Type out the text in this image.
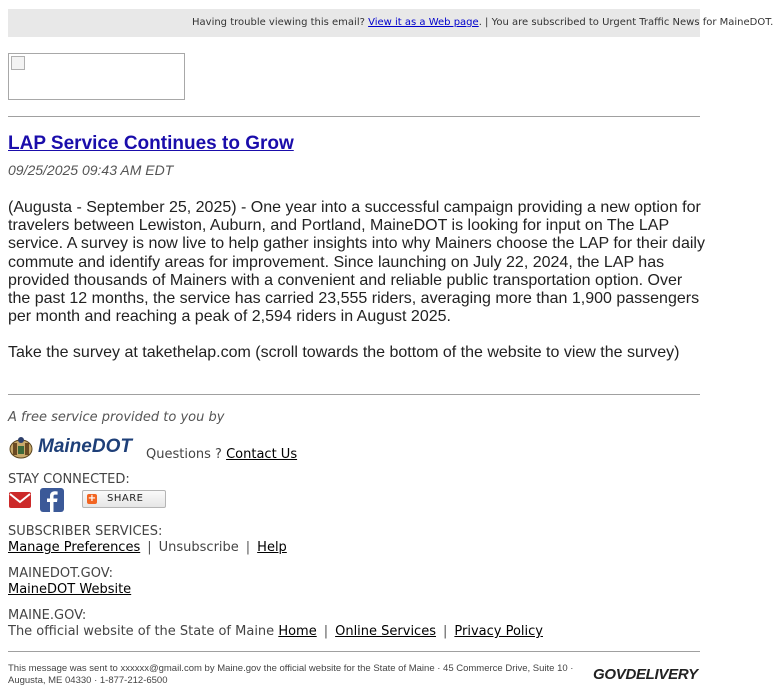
Having trouble viewing this email? View it as a Web page. | You are subscribed to Urgent Traffic News for MaineDOT.
LAP Service Continues to Grow
09/25/2025 09:43 AM EDT

(Augusta - September 25, 2025) - One year into a successful campaign providing a new option for travelers between Lewiston, Auburn, and Portland, MaineDOT is looking for input on The LAP service. A survey is now live to help gather insights into why Mainers choose the LAP for their daily commute and identify areas for improvement. Since launching on July 22, 2024, the LAP has provided thousands of Mainers with a convenient and reliable public transportation option. Over the past 12 months, the service has carried 23,555 riders, averaging more than 1,900 passengers per month and reaching a peak of 2,594 riders in August 2025.

Take the survey at takethelap.com (scroll towards the bottom of the website to view the survey)
A free service provided to you by
MaineDOT Questions ? Contact Us
STAY CONNECTED:
+ SHARE
SUBSCRIBER SERVICES:
Manage Preferences | Unsubscribe | Help
MAINEDOT.GOV:
MaineDOT Website
MAINE.GOV:
The official website of the State of Maine Home | Online Services | Privacy Policy
This message was sent to xxxxxx@gmail.com by Maine.gov the official website for the State of Maine · 45 Commerce Drive, Suite 10 · Augusta, ME 04330 · 1-877-212-6500	GOVDELIVERY
